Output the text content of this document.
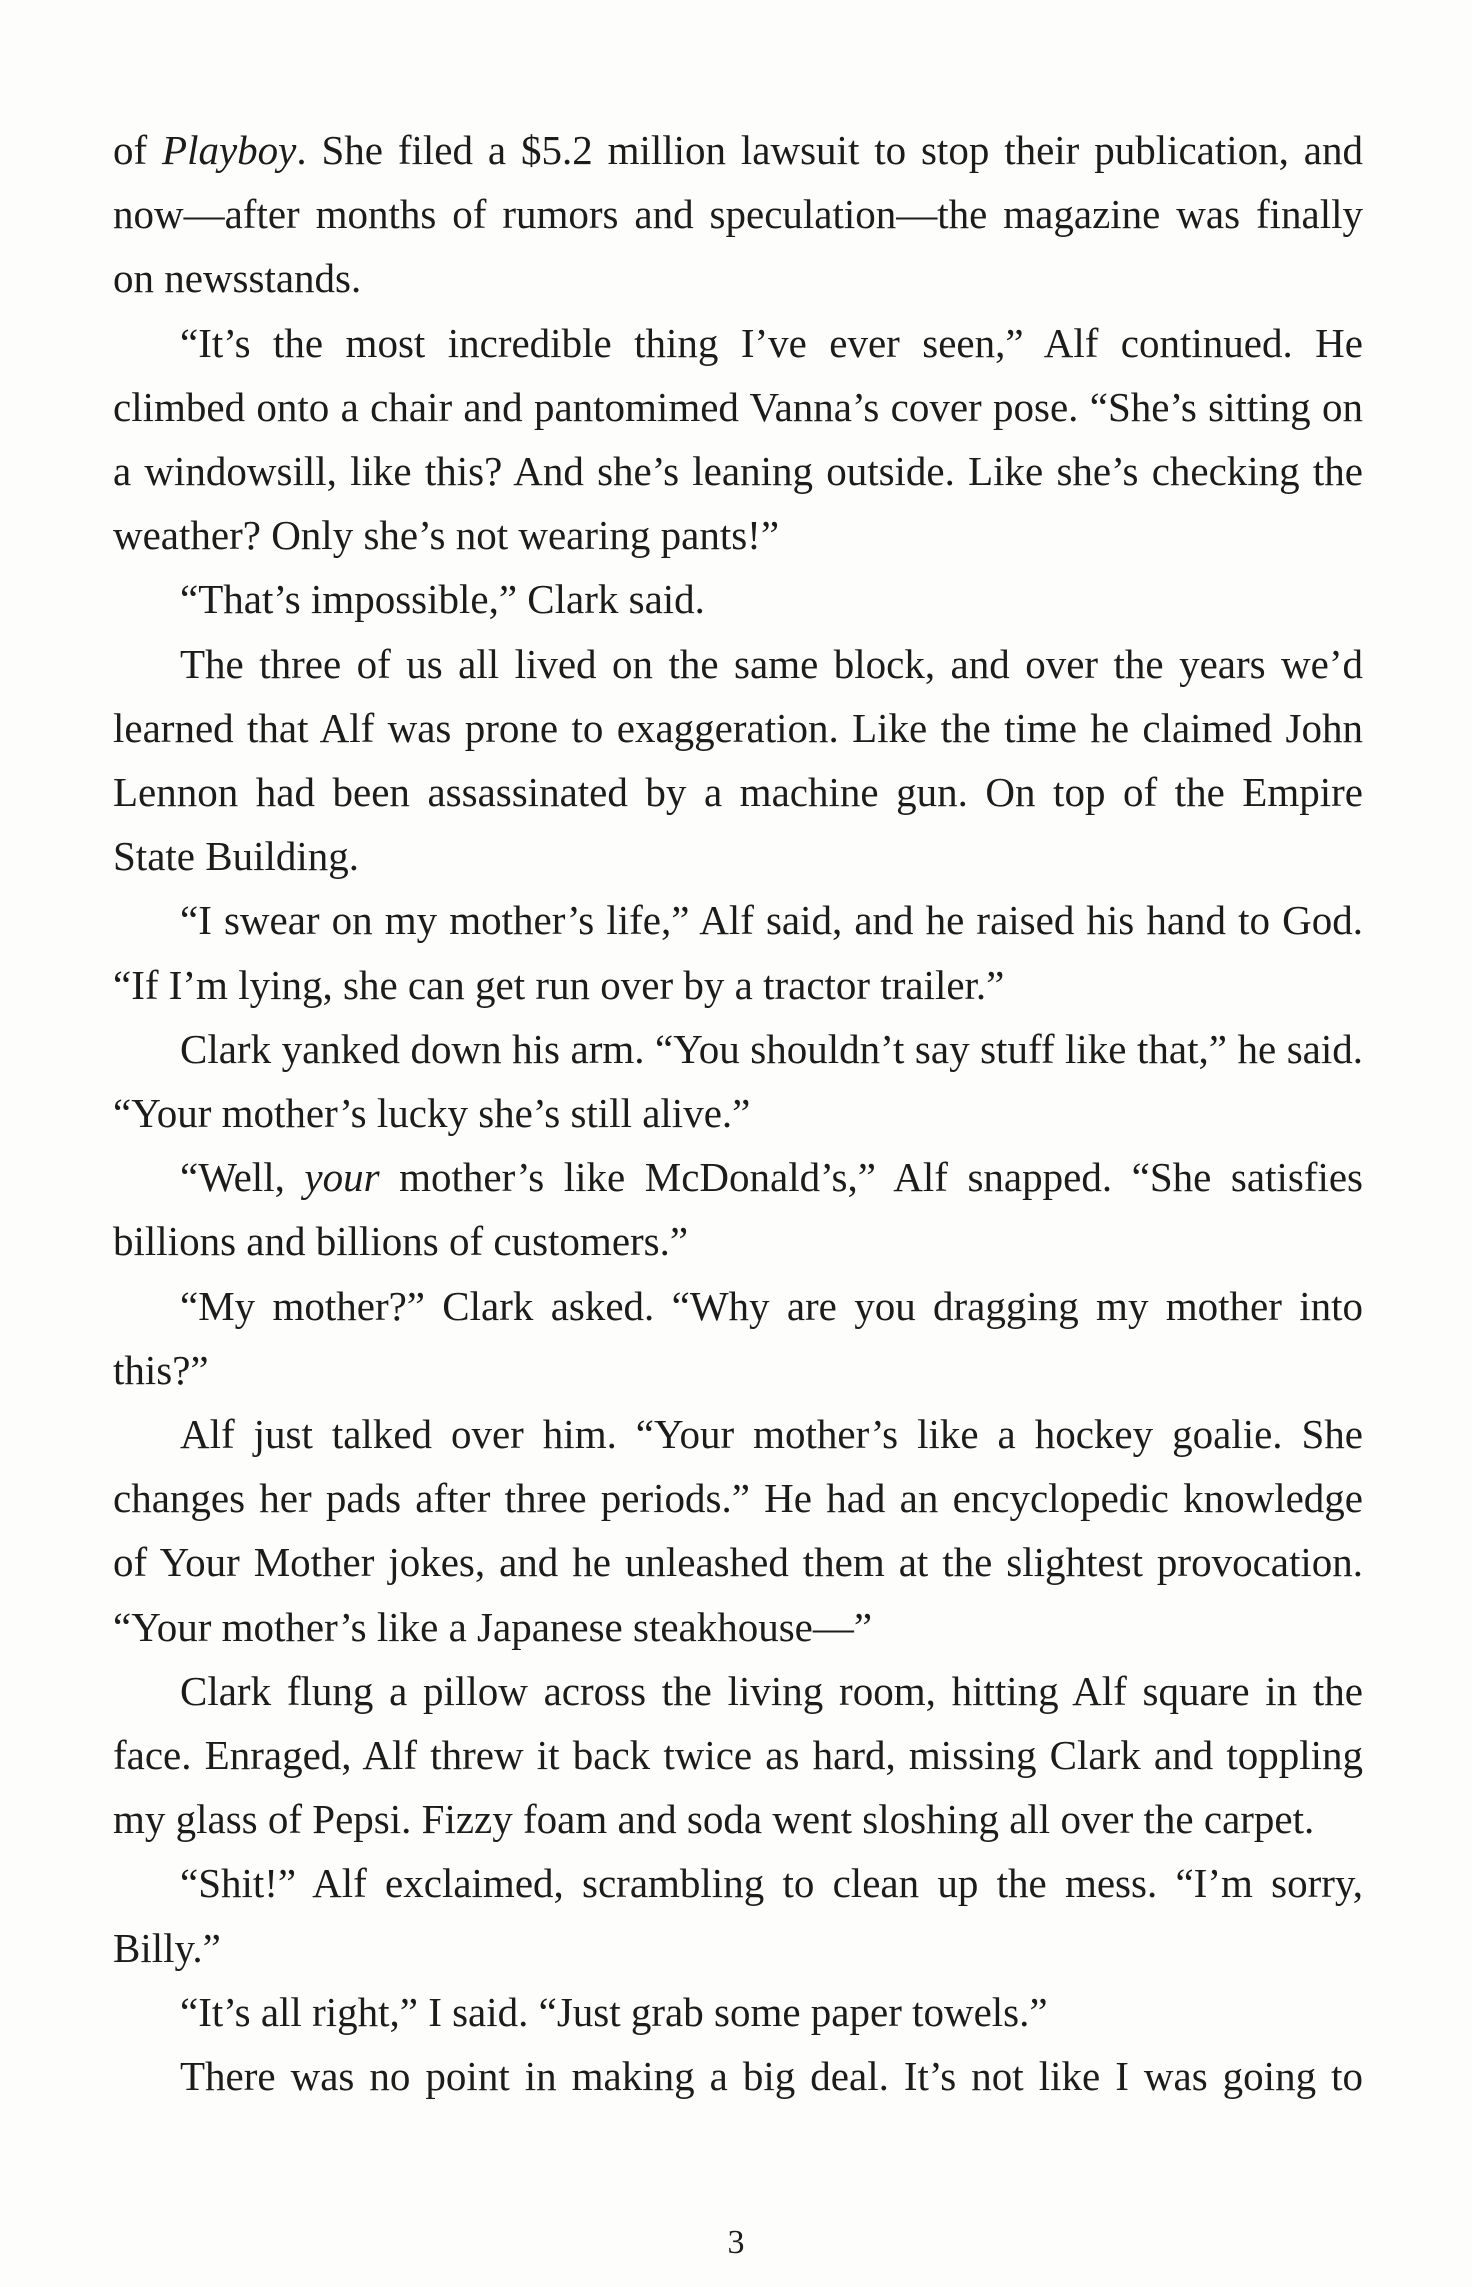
of Playboy. She filed a $5.2 million lawsuit to stop their publication, and now—after months of rumors and speculation—the magazine was finally on newsstands.

“It’s the most incredible thing I’ve ever seen,” Alf continued. He climbed onto a chair and pantomimed Vanna’s cover pose. “She’s sitting on a windowsill, like this? And she’s leaning outside. Like she’s checking the weather? Only she’s not wearing pants!”

“That’s impossible,” Clark said.

The three of us all lived on the same block, and over the years we’d learned that Alf was prone to exaggeration. Like the time he claimed John Lennon had been assassinated by a machine gun. On top of the Empire State Building.

“I swear on my mother’s life,” Alf said, and he raised his hand to God. “If I’m lying, she can get run over by a tractor trailer.”

Clark yanked down his arm. “You shouldn’t say stuff like that,” he said. “Your mother’s lucky she’s still alive.”

“Well, your mother’s like McDonald’s,” Alf snapped. “She satisfies billions and billions of customers.”

“My mother?” Clark asked. “Why are you dragging my mother into this?”

Alf just talked over him. “Your mother’s like a hockey goalie. She changes her pads after three periods.” He had an encyclopedic knowledge of Your Mother jokes, and he unleashed them at the slightest provocation. “Your mother’s like a Japanese steakhouse—”

Clark flung a pillow across the living room, hitting Alf square in the face. Enraged, Alf threw it back twice as hard, missing Clark and toppling my glass of Pepsi. Fizzy foam and soda went sloshing all over the carpet.

“Shit!” Alf exclaimed, scrambling to clean up the mess. “I’m sorry, Billy.”

“It’s all right,” I said. “Just grab some paper towels.”

There was no point in making a big deal. It’s not like I was going to

3
